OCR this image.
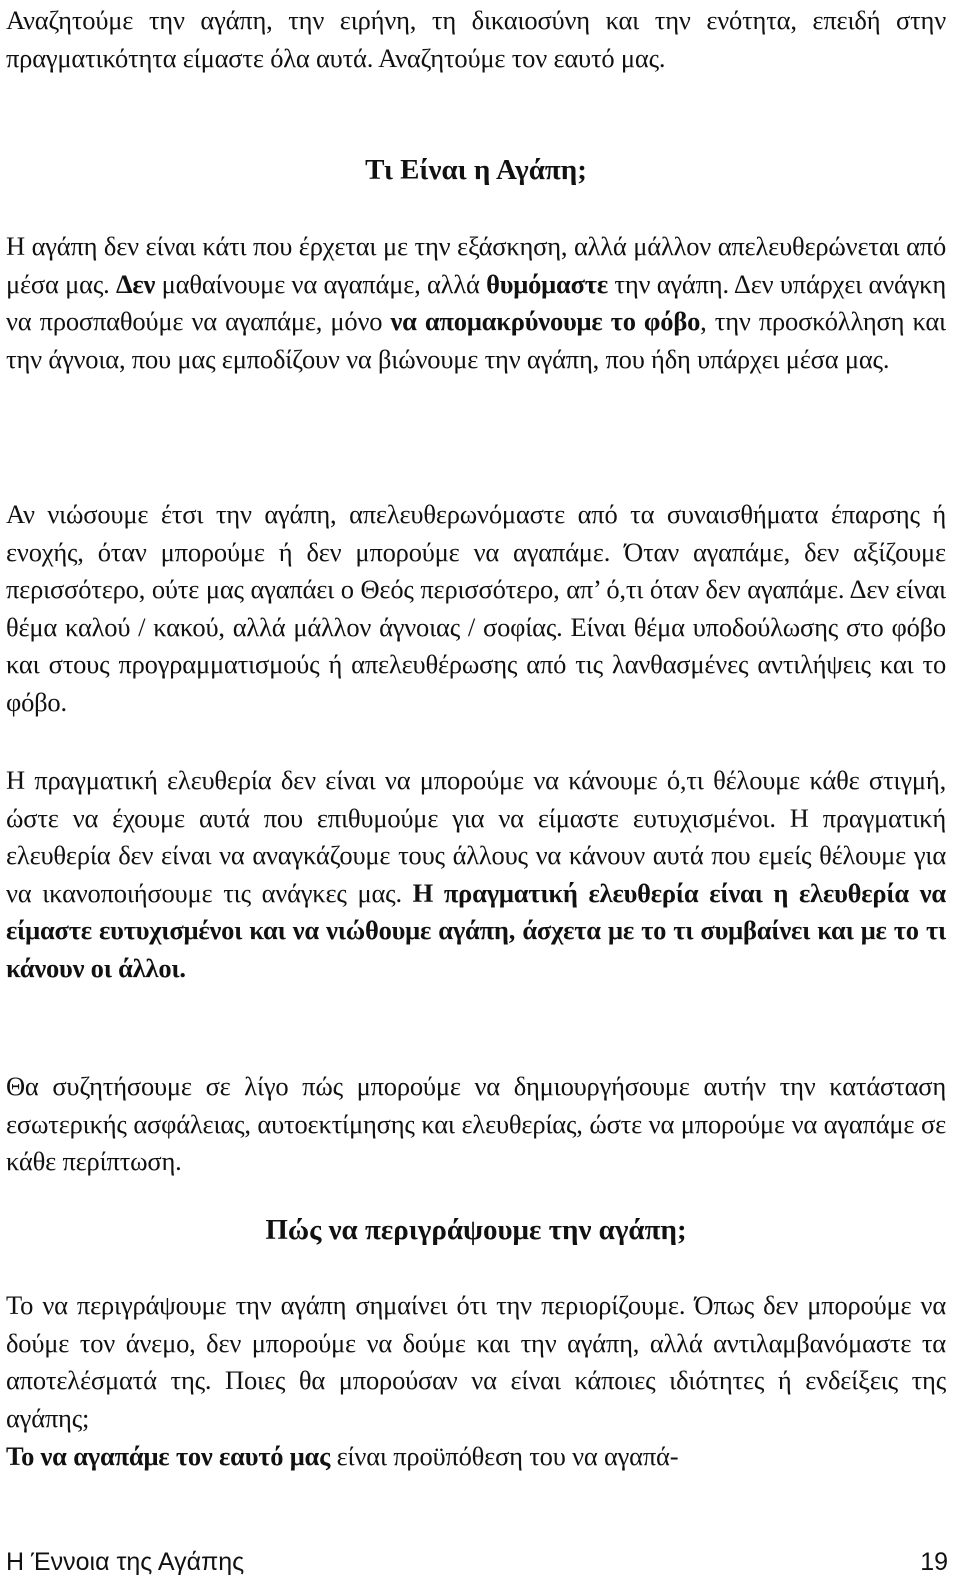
Αναζητούμε την αγάπη, την ειρήνη, τη δικαιοσύνη και την ενότητα, επειδή στην πραγματικότητα είμαστε όλα αυτά. Αναζητούμε τον εαυτό μας.

Τι Είναι η Αγάπη;

Η αγάπη δεν είναι κάτι που έρχεται με την εξάσκηση, αλλά μάλλον απελευθερώνεται από μέσα μας. Δεν μαθαίνουμε να αγαπάμε, αλλά θυμόμαστε την αγάπη. Δεν υπάρχει ανάγκη να προσπαθούμε να αγαπάμε, μόνο να απομακρύνουμε το φόβο, την προσκόλληση και την άγνοια, που μας εμποδίζουν να βιώνουμε την αγάπη, που ήδη υπάρχει μέσα μας.

Αν νιώσουμε έτσι την αγάπη, απελευθερωνόμαστε από τα συναισθήματα έπαρσης ή ενοχής, όταν μπορούμε ή δεν μπορούμε να αγαπάμε. Όταν αγαπάμε, δεν αξίζουμε περισσότερο, ούτε μας αγαπάει ο Θεός περισσότερο, απ’ ό,τι όταν δεν αγαπάμε. Δεν είναι θέμα καλού / κακού, αλλά μάλλον άγνοιας / σοφίας. Είναι θέμα υποδούλωσης στο φόβο και στους προγραμματισμούς ή απελευθέρωσης από τις λανθασμένες αντιλήψεις και το φόβο.

Η πραγματική ελευθερία δεν είναι να μπορούμε να κάνουμε ό,τι θέλουμε κάθε στιγμή, ώστε να έχουμε αυτά που επιθυμούμε για να είμαστε ευτυχισμένοι. Η πραγματική ελευθερία δεν είναι να αναγκάζουμε τους άλλους να κάνουν αυτά που εμείς θέλουμε για να ικανοποιήσουμε τις ανάγκες μας. Η πραγματική ελευθερία είναι η ελευθερία να είμαστε ευτυχισμένοι και να νιώθουμε αγάπη, άσχετα με το τι συμβαίνει και με το τι κάνουν οι άλλοι.

Θα συζητήσουμε σε λίγο πώς μπορούμε να δημιουργήσουμε αυτήν την κατάσταση εσωτερικής ασφάλειας, αυτοεκτίμησης και ελευθερίας, ώστε να μπορούμε να αγαπάμε σε κάθε περίπτωση.

Πώς να περιγράψουμε την αγάπη;

Το να περιγράψουμε την αγάπη σημαίνει ότι την περιορίζουμε. Όπως δεν μπορούμε να δούμε τον άνεμο, δεν μπορούμε να δούμε και την αγάπη, αλλά αντιλαμβανόμαστε τα αποτελέσματά της. Ποιες θα μπορούσαν να είναι κάποιες ιδιότητες ή ενδείξεις της αγάπης;

Το να αγαπάμε τον εαυτό μας είναι προϋπόθεση του να αγαπά-

Η Έννοια της Αγάπης	19
